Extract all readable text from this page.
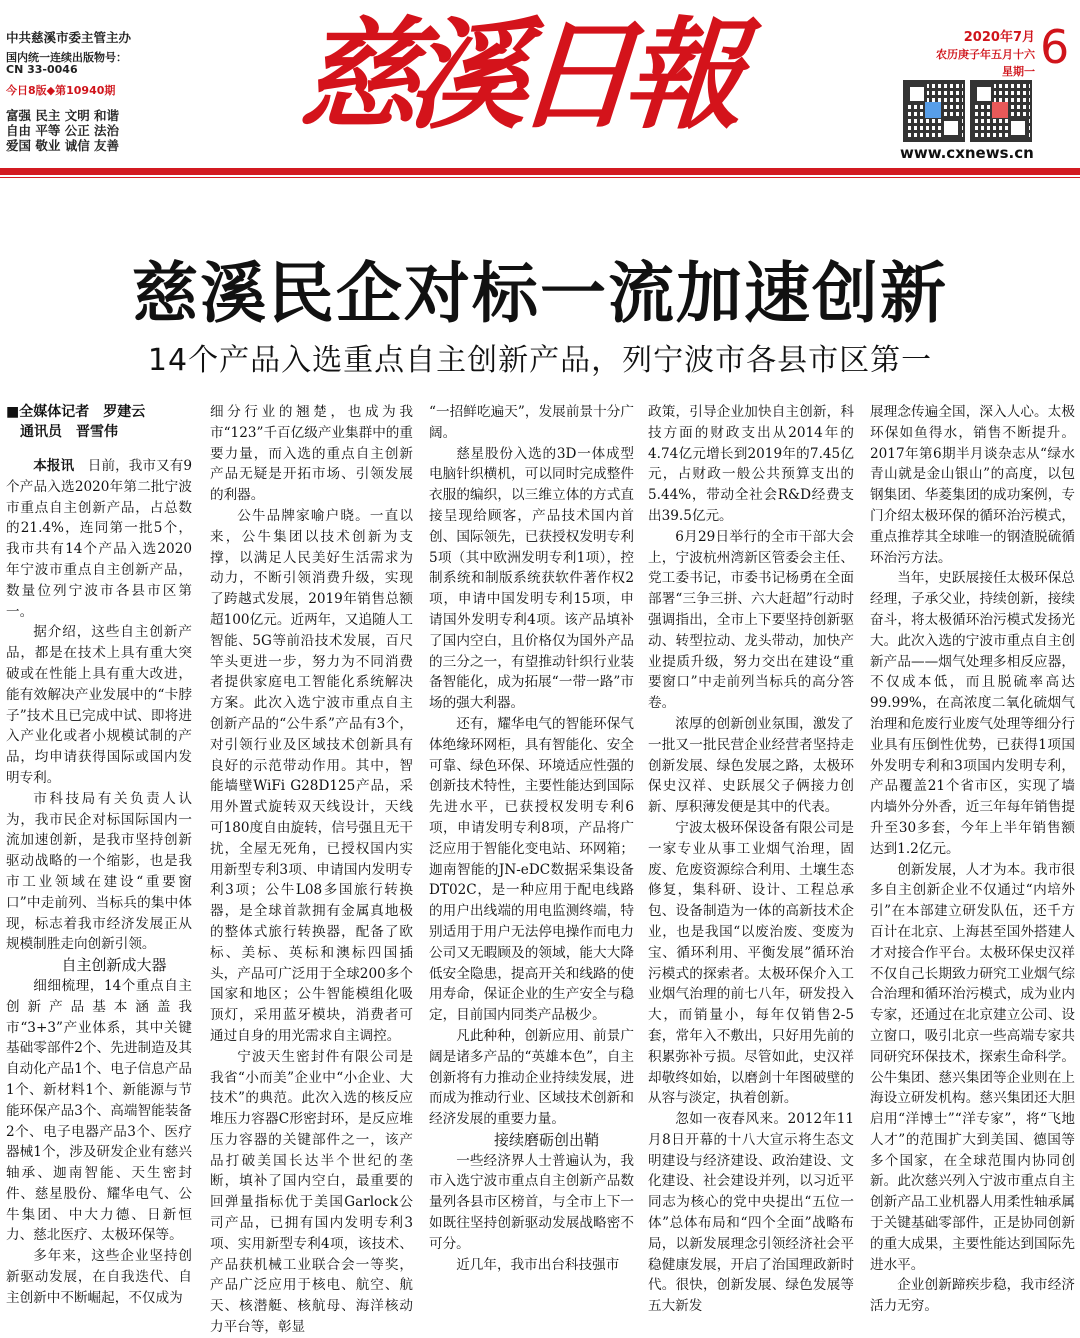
中共慈溪市委主管主办
国内统一连续出版物号：
CN 33-0046
今日8版◆第10940期
富强 民主 文明 和谐
自由 平等 公正 法治
爱国 敬业 诚信 友善	慈溪日報	2020年7月
农历庚子年五月十六
星期一 6
www.cxnews.cn
慈溪民企对标一流加速创新
14个产品入选重点自主创新产品，列宁波市各县市区第一
■全媒体记者　罗建云
通讯员　晋雪伟

本报讯　日前，我市又有9个产品入选2020年第二批宁波市重点自主创新产品，占总数的21.4%，连同第一批5个，我市共有14个产品入选2020年宁波市重点自主创新产品，数量位列宁波市各县市区第一。

据介绍，这些自主创新产品，都是在技术上具有重大突破或在性能上具有重大改进，能有效解决产业发展中的“卡脖子”技术且已完成中试、即将进入产业化或者小规模试制的产品，均申请获得国际或国内发明专利。

市科技局有关负责人认为，我市民企对标国际国内一流加速创新，是我市坚持创新驱动战略的一个缩影，也是我市工业领域在建设“重要窗口”中走前列、当标兵的集中体现，标志着我市经济发展正从规模制胜走向创新引领。

自主创新成大器

细细梳理，14个重点自主创新产品基本涵盖我市“3+3”产业体系，其中关键基础零部件2个、先进制造及其自动化产品1个、电子信息产品1个、新材料1个、新能源与节能环保产品3个、高端智能装备2个、电子电器产品3个、医疗器械1个，涉及研发企业有慈兴轴承、迦南智能、天生密封件、慈星股份、耀华电气、公牛集团、中大力德、日新恒力、慈北医疗、太极环保等。

多年来，这些企业坚持创新驱动发展，在自我迭代、自主创新中不断崛起，不仅成为

细分行业的翘楚，也成为我市“123”千百亿级产业集群中的重要力量，而入选的重点自主创新产品无疑是开拓市场、引领发展的利器。

公牛品牌家喻户晓。一直以来，公牛集团以技术创新为支撑，以满足人民美好生活需求为动力，不断引领消费升级，实现了跨越式发展，2019年销售总额超100亿元。近两年，又追随人工智能、5G等前沿技术发展，百尺竿头更进一步，努力为不同消费者提供家庭电工智能化系统解决方案。此次入选宁波市重点自主创新产品的“公牛系”产品有3个，对引领行业及区域技术创新具有良好的示范带动作用。其中，智能墙壁WiFi G28D125产品，采用外置式旋转双天线设计，天线可180度自由旋转，信号强且无干扰，全屋无死角，已授权国内实用新型专利3项、申请国内发明专利3项；公牛L08多国旅行转换器，是全球首款拥有金属真地极的整体式旅行转换器，配备了欧标、美标、英标和澳标四国插头，产品可广泛用于全球200多个国家和地区；公牛智能模组化吸顶灯，采用蓝牙模块，消费者可通过自身的用光需求自主调控。

宁波天生密封件有限公司是我省“小而美”企业中“小企业、大技术”的典范。此次入选的核反应堆压力容器C形密封环，是反应堆压力容器的关键部件之一，该产品打破美国长达半个世纪的垄断，填补了国内空白，最重要的回弹量指标优于美国Garlock公司产品，已拥有国内发明专利3项、实用新型专利4项，该技术、产品获机械工业联合会一等奖，产品广泛应用于核电、航空、航天、核潜艇、核航母、海洋核动力平台等，彰显

“一招鲜吃遍天”，发展前景十分广阔。

慈星股份入选的3D一体成型电脑针织横机，可以同时完成整件衣服的编织，以三维立体的方式直接呈现给顾客，产品技术国内首创、国际领先，已获授权发明专利5项（其中欧洲发明专利1项），控制系统和制版系统获软件著作权2项，申请中国发明专利15项，申请国外发明专利4项。该产品填补了国内空白，且价格仅为国外产品的三分之一，有望推动针织行业装备智能化，成为拓展“一带一路”市场的强大利器。

还有，耀华电气的智能环保气体绝缘环网柜，具有智能化、安全可靠、绿色环保、环境适应性强的创新技术特性，主要性能达到国际先进水平，已获授权发明专利6项，申请发明专利8项，产品将广泛应用于智能化变电站、环网箱；迦南智能的JN-eDC数据采集设备DT02C，是一种应用于配电线路的用户出线端的用电监测终端，特别适用于用户无法停电操作而电力公司又无暇顾及的领域，能大大降低安全隐患，提高开关和线路的使用寿命，保证企业的生产安全与稳定，目前国内同类产品极少。

凡此种种，创新应用、前景广阔是诸多产品的“英雄本色”，自主创新将有力推动企业持续发展，进而成为推动行业、区域技术创新和经济发展的重要力量。

接续磨砺创出鞘

一些经济界人士普遍认为，我市入选宁波市重点自主创新产品数量列各县市区榜首，与全市上下一如既往坚持创新驱动发展战略密不可分。

近几年，我市出台科技强市

政策，引导企业加快自主创新，科技方面的财政支出从2014年的4.74亿元增长到2019年的7.45亿元，占财政一般公共预算支出的5.44%，带动全社会R&D经费支出39.5亿元。

6月29日举行的全市干部大会上，宁波杭州湾新区管委会主任、党工委书记，市委书记杨勇在全面部署“三争三拼、六大赶超”行动时强调指出，全市上下要坚持创新驱动、转型拉动、龙头带动，加快产业提质升级，努力交出在建设“重要窗口”中走前列当标兵的高分答卷。

浓厚的创新创业氛围，激发了一批又一批民营企业经营者坚持走创新发展、绿色发展之路，太极环保史汉祥、史跃展父子俩接力创新、厚积薄发便是其中的代表。

宁波太极环保设备有限公司是一家专业从事工业烟气治理，固废、危废资源综合利用、土壤生态修复，集科研、设计、工程总承包、设备制造为一体的高新技术企业，也是我国“以废治废、变废为宝、循环利用、平衡发展”循环治污模式的探索者。太极环保介入工业烟气治理的前七八年，研发投入大，而销量小，每年仅销售2-5套，常年入不敷出，只好用先前的积累弥补亏损。尽管如此，史汉祥却敬终如始，以磨剑十年图破壁的从容与淡定，执着创新。

忽如一夜春风来。2012年11月8日开幕的十八大宣示将生态文明建设与经济建设、政治建设、文化建设、社会建设并列，以习近平同志为核心的党中央提出“五位一体”总体布局和“四个全面”战略布局，以新发展理念引领经济社会平稳健康发展，开启了治国理政新时代。很快，创新发展、绿色发展等五大新发

展理念传遍全国，深入人心。太极环保如鱼得水，销售不断提升。2017年第6期半月谈杂志从“绿水青山就是金山银山”的高度，以包钢集团、华菱集团的成功案例，专门介绍太极环保的循环治污模式，重点推荐其全球唯一的钢渣脱硫循环治污方法。

当年，史跃展接任太极环保总经理，子承父业，持续创新，接续奋斗，将太极循环治污模式发扬光大。此次入选的宁波市重点自主创新产品——烟气处理多相反应器，不仅成本低，而且脱硫率高达99.99%，在高浓度二氧化硫烟气治理和危废行业废气处理等细分行业具有压倒性优势，已获得1项国外发明专利和3项国内发明专利，产品覆盖21个省市区，实现了墙内墙外分外香，近三年每年销售提升至30多套，今年上半年销售额达到1.2亿元。

创新发展，人才为本。我市很多自主创新企业不仅通过“内培外引”在本部建立研发队伍，还千方百计在北京、上海甚至国外搭建人才对接合作平台。太极环保史汉祥不仅自己长期致力研究工业烟气综合治理和循环治污模式，成为业内专家，还通过在北京建立公司、设立窗口，吸引北京一些高端专家共同研究环保技术，探索生命科学。公牛集团、慈兴集团等企业则在上海设立研发机构。慈兴集团还大胆启用“洋博士”“洋专家”，将“飞地人才”的范围扩大到美国、德国等多个国家，在全球范围内协同创新。此次慈兴列入宁波市重点自主创新产品工业机器人用柔性轴承属于关键基础零部件，正是协同创新的重大成果，主要性能达到国际先进水平。

企业创新蹄疾步稳，我市经济活力无穷。
